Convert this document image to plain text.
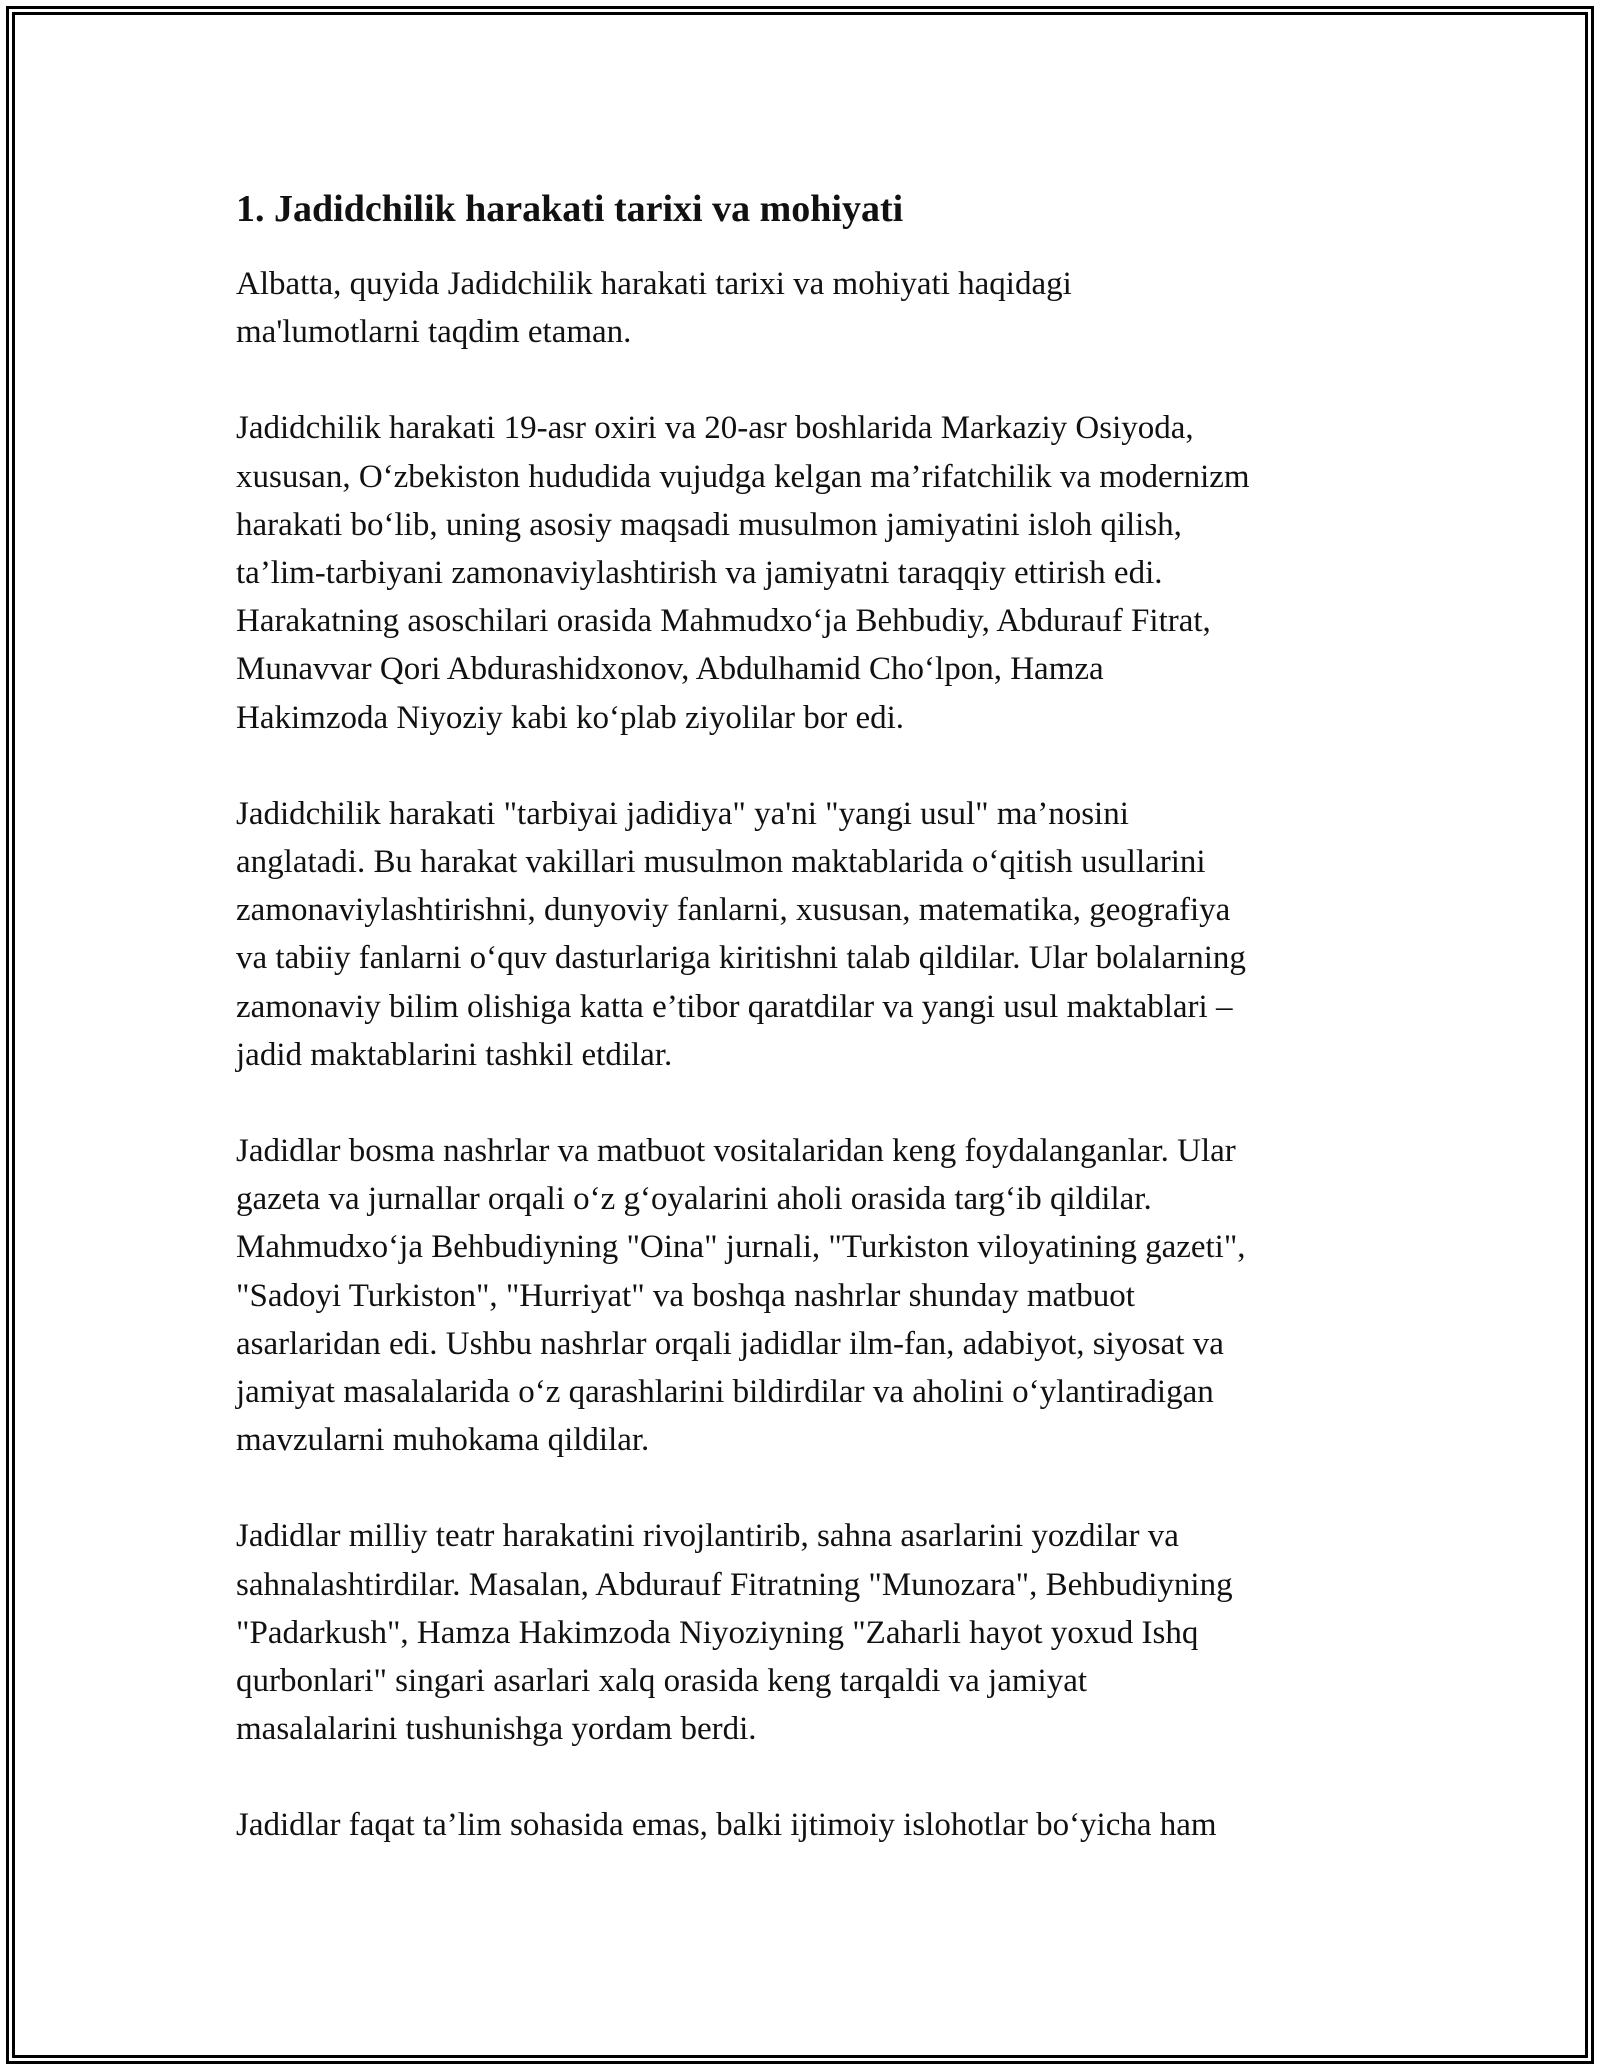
1. Jadidchilik harakati tarixi va mohiyati

Albatta, quyida Jadidchilik harakati tarixi va mohiyati haqidagi
ma'lumotlarni taqdim etaman.

Jadidchilik harakati 19-asr oxiri va 20-asr boshlarida Markaziy Osiyoda,
xususan, O‘zbekiston hududida vujudga kelgan ma’rifatchilik va modernizm
harakati bo‘lib, uning asosiy maqsadi musulmon jamiyatini isloh qilish,
ta’lim-tarbiyani zamonaviylashtirish va jamiyatni taraqqiy ettirish edi.
Harakatning asoschilari orasida Mahmudxo‘ja Behbudiy, Abdurauf Fitrat,
Munavvar Qori Abdurashidxonov, Abdulhamid Cho‘lpon, Hamza
Hakimzoda Niyoziy kabi ko‘plab ziyolilar bor edi.

Jadidchilik harakati "tarbiyai jadidiya" ya'ni "yangi usul" ma’nosini
anglatadi. Bu harakat vakillari musulmon maktablarida o‘qitish usullarini
zamonaviylashtirishni, dunyoviy fanlarni, xususan, matematika, geografiya
va tabiiy fanlarni o‘quv dasturlariga kiritishni talab qildilar. Ular bolalarning
zamonaviy bilim olishiga katta e’tibor qaratdilar va yangi usul maktablari –
jadid maktablarini tashkil etdilar.

Jadidlar bosma nashrlar va matbuot vositalaridan keng foydalanganlar. Ular
gazeta va jurnallar orqali o‘z g‘oyalarini aholi orasida targ‘ib qildilar.
Mahmudxo‘ja Behbudiyning "Oina" jurnali, "Turkiston viloyatining gazeti",
"Sadoyi Turkiston", "Hurriyat" va boshqa nashrlar shunday matbuot
asarlaridan edi. Ushbu nashrlar orqali jadidlar ilm-fan, adabiyot, siyosat va
jamiyat masalalarida o‘z qarashlarini bildirdilar va aholini o‘ylantiradigan
mavzularni muhokama qildilar.

Jadidlar milliy teatr harakatini rivojlantirib, sahna asarlarini yozdilar va
sahnalashtirdilar. Masalan, Abdurauf Fitratning "Munozara", Behbudiyning
"Padarkush", Hamza Hakimzoda Niyoziyning "Zaharli hayot yoxud Ishq
qurbonlari" singari asarlari xalq orasida keng tarqaldi va jamiyat
masalalarini tushunishga yordam berdi.

Jadidlar faqat ta’lim sohasida emas, balki ijtimoiy islohotlar bo‘yicha ham
